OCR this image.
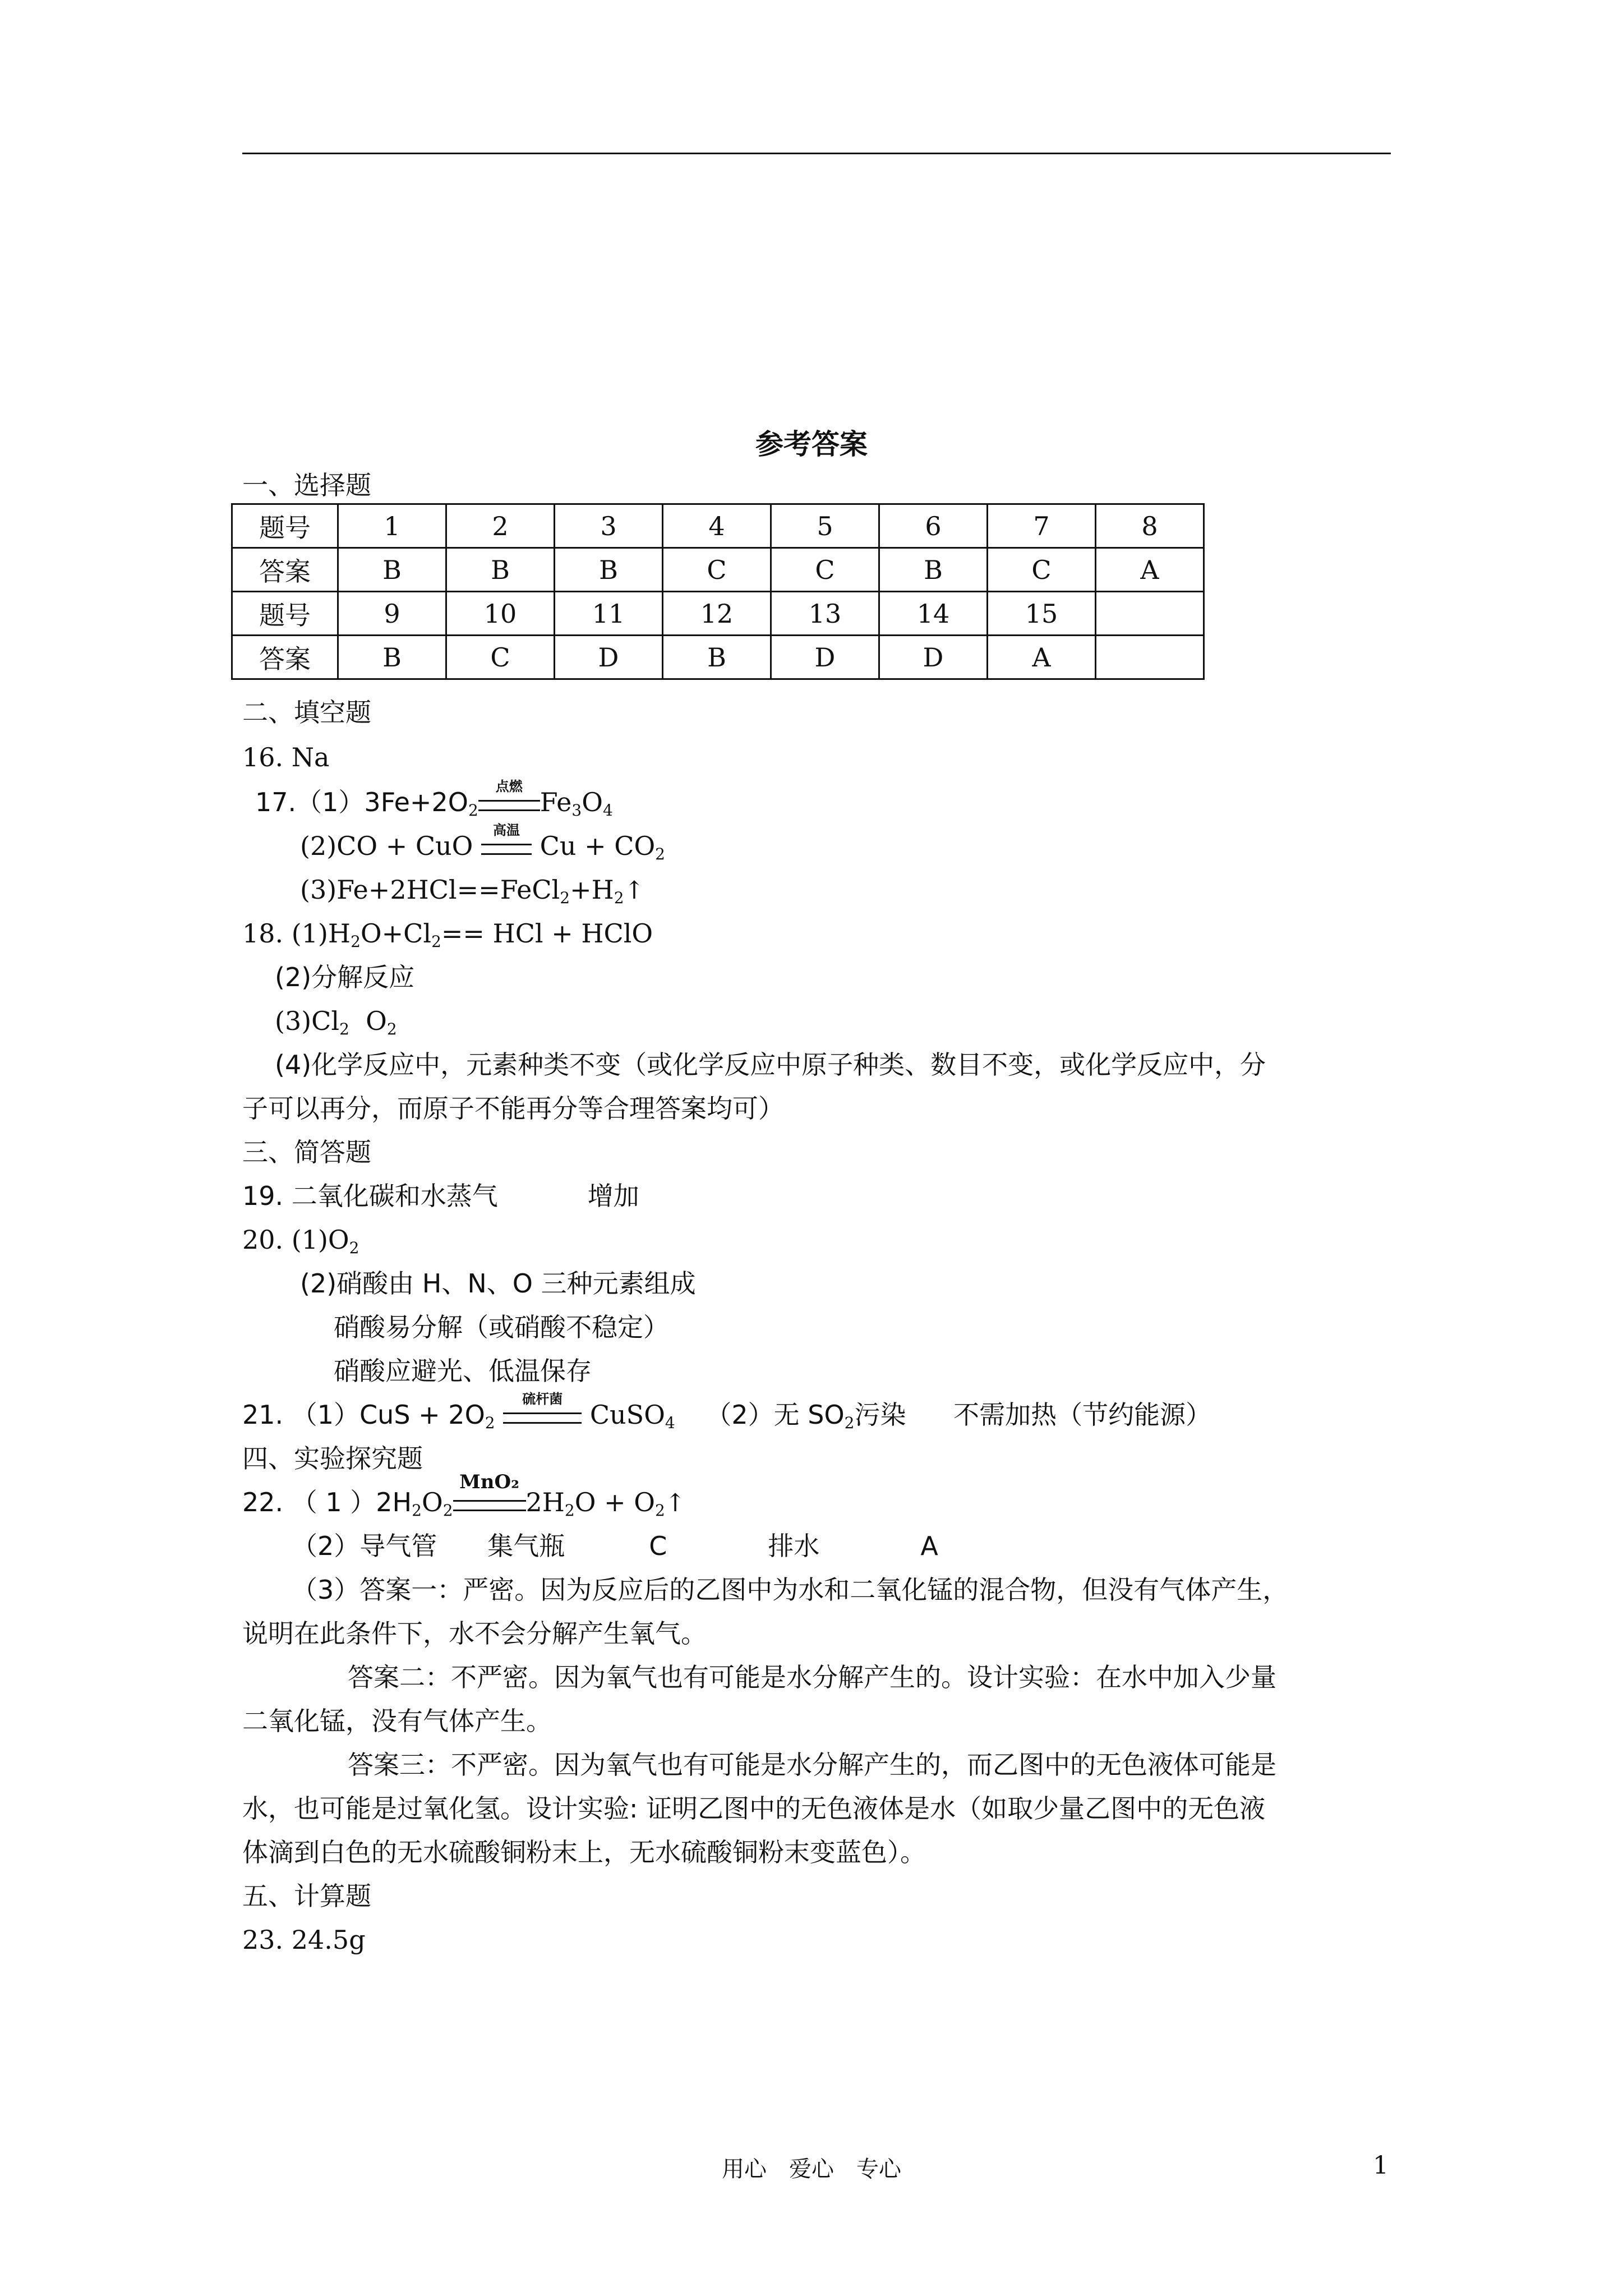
参考答案
一、选择题
题号	1	2	3	4	5	6	7	8
答案	B	B	B	C	C	B	C	A
题号	9	10	11	12	13	14	15	
答案	B	C	D	B	D	D	A	
二、填空题
16. Na
$17.(1)3Fe+2O_2$
点燃
$Fe_3O_4$
(2)CO + CuO
高温
$Cu + CO_2$
$(3)Fe+2HCl==FeCl_2+H_2↑$
18. $(1)H_2O+Cl_2==$ HCl + HClO
(2)分解反应
$(3)Cl_2$  $O_2$
(4)化学反应中，元素种类不变（或化学反应中原子种类、数目不变，或化学反应中，分
子可以再分，而原子不能再分等合理答案均可）
三、简答题
19. 二氧化碳和水蒸气	增加
20. $(1)O_2$
(2)硝酸由 H、N、O 三种元素组成
硝酸易分解（或硝酸不稳定）
硝酸应避光、低温保存
21. $(1)CuS + 2O_2$
硫杆菌
CuSO$_4$ （2）无 $SO_2$污染 不需加热（节约能源）
四、实验探究题
22. （ 1 ）$2H_2O_2$
MnO₂
$2H_2O$ + $O_2↑$
（2）导气管 集气瓶	C	排水	A
（3）答案一：严密。因为反应后的乙图中为水和二氧化锰的混合物，但没有气体产生，
说明在此条件下，水不会分解产生氧气。
答案二：不严密。因为氧气也有可能是水分解产生的。设计实验：在水中加入少量
二氧化锰，没有气体产生。
答案三：不严密。因为氧气也有可能是水分解产生的，而乙图中的无色液体可能是
水，也可能是过氧化氢。设计实验: 证明乙图中的无色液体是水（如取少量乙图中的无色液
体滴到白色的无水硫酸铜粉末上，无水硫酸铜粉末变蓝色）。
五、计算题
23. 24.5g
用心　爱心　专心	1
